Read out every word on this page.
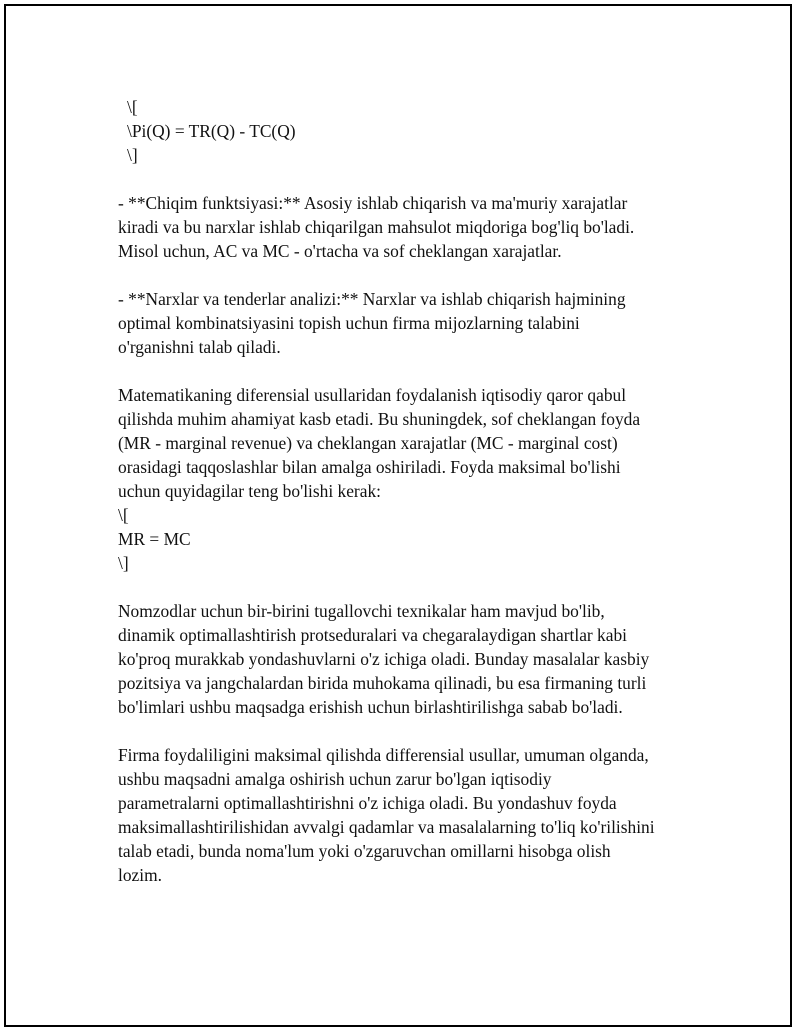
\[
\Pi(Q) = TR(Q) - TC(Q)
\]
- **Chiqim funktsiyasi:** Asosiy ishlab chiqarish va ma'muriy xarajatlar
kiradi va bu narxlar ishlab chiqarilgan mahsulot miqdoriga bog'liq bo'ladi.
Misol uchun, AC va MC - o'rtacha va sof cheklangan xarajatlar.
- **Narxlar va tenderlar analizi:** Narxlar va ishlab chiqarish hajmining
optimal kombinatsiyasini topish uchun firma mijozlarning talabini
o'rganishni talab qiladi.
Matematikaning diferensial usullaridan foydalanish iqtisodiy qaror qabul
qilishda muhim ahamiyat kasb etadi. Bu shuningdek, sof cheklangan foyda
(MR - marginal revenue) va cheklangan xarajatlar (MC - marginal cost)
orasidagi taqqoslashlar bilan amalga oshiriladi. Foyda maksimal bo'lishi
uchun quyidagilar teng bo'lishi kerak:
\[
MR = MC
\]
Nomzodlar uchun bir-birini tugallovchi texnikalar ham mavjud bo'lib,
dinamik optimallashtirish protseduralari va chegaralaydigan shartlar kabi
ko'proq murakkab yondashuvlarni o'z ichiga oladi. Bunday masalalar kasbiy
pozitsiya va jangchalardan birida muhokama qilinadi, bu esa firmaning turli
bo'limlari ushbu maqsadga erishish uchun birlashtirilishga sabab bo'ladi.
Firma foydaliligini maksimal qilishda differensial usullar, umuman olganda,
ushbu maqsadni amalga oshirish uchun zarur bo'lgan iqtisodiy
parametralarni optimallashtirishni o'z ichiga oladi. Bu yondashuv foyda
maksimallashtirilishidan avvalgi qadamlar va masalalarning to'liq ko'rilishini
talab etadi, bunda noma'lum yoki o'zgaruvchan omillarni hisobga olish
lozim.
